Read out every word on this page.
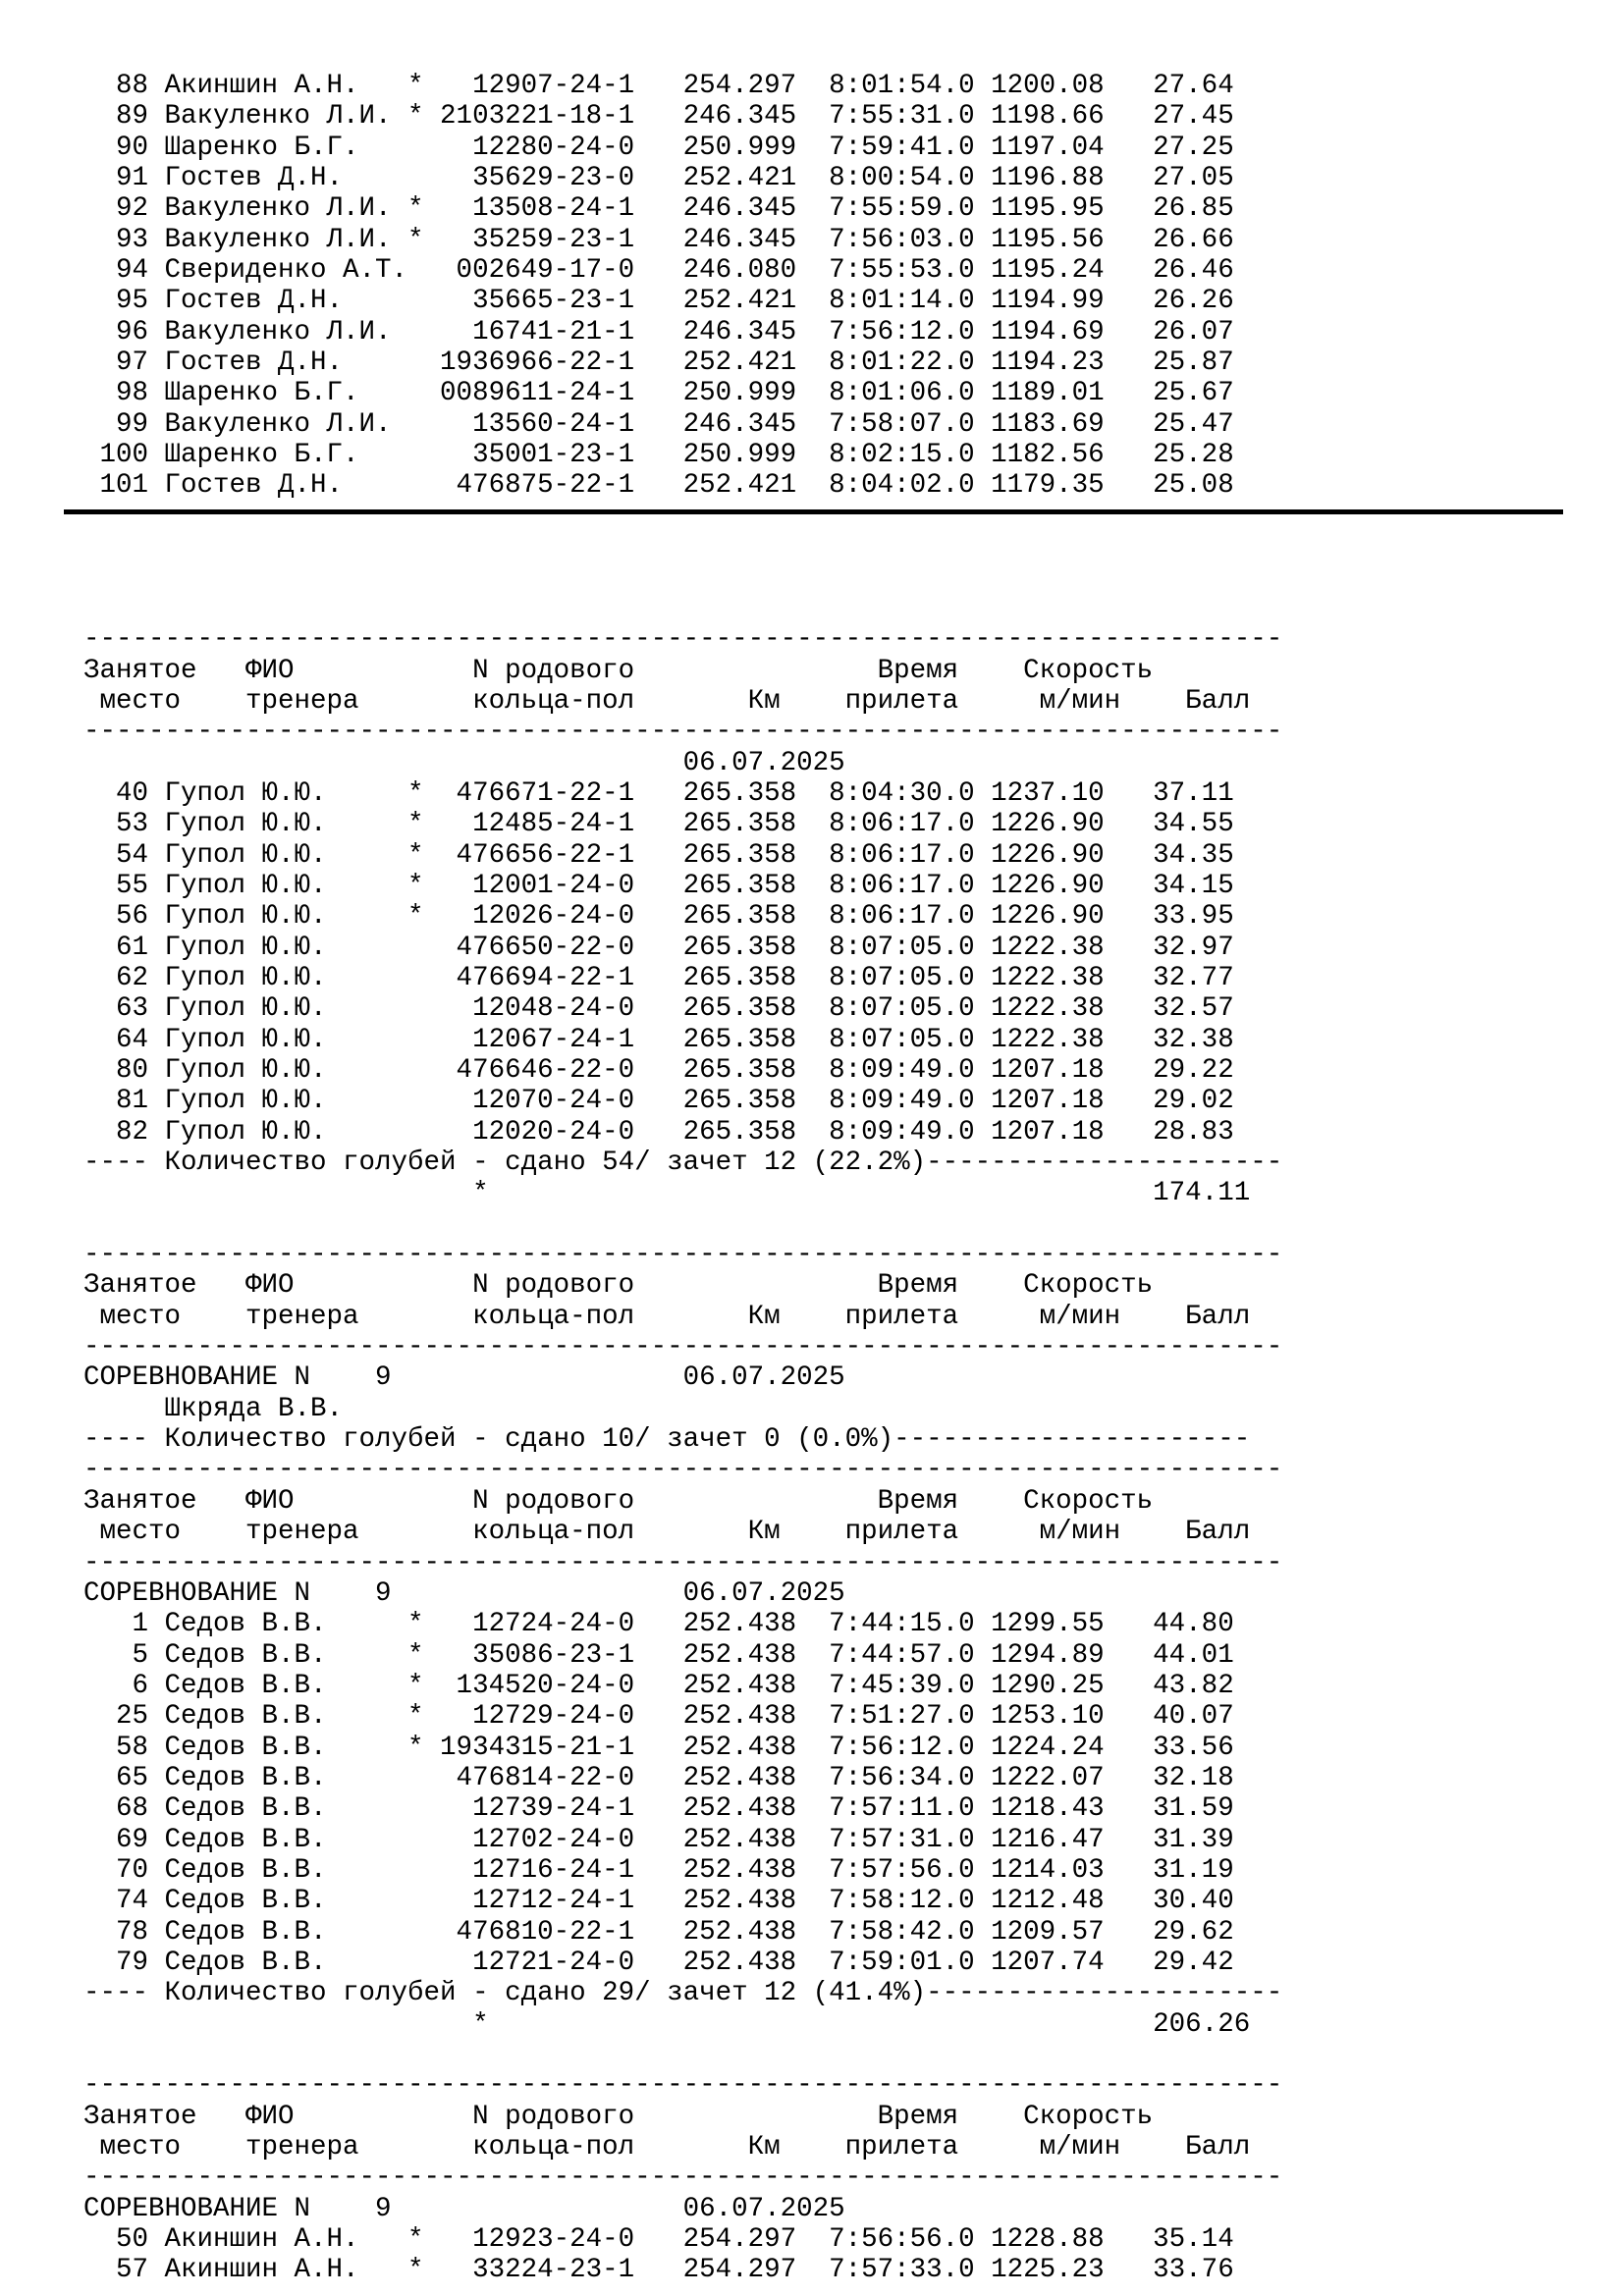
88 Акиншин А.Н.   *   12907-24-1   254.297  8:01:54.0 1200.08   27.64
89 Вакуленко Л.И. * 2103221-18-1   246.345  7:55:31.0 1198.66   27.45
90 Шаренко Б.Г.       12280-24-0   250.999  7:59:41.0 1197.04   27.25
91 Гостев Д.Н.        35629-23-0   252.421  8:00:54.0 1196.88   27.05
92 Вакуленко Л.И. *   13508-24-1   246.345  7:55:59.0 1195.95   26.85
93 Вакуленко Л.И. *   35259-23-1   246.345  7:56:03.0 1195.56   26.66
94 Свериденко А.Т.   002649-17-0   246.080  7:55:53.0 1195.24   26.46
95 Гостев Д.Н.        35665-23-1   252.421  8:01:14.0 1194.99   26.26
96 Вакуленко Л.И.     16741-21-1   246.345  7:56:12.0 1194.69   26.07
97 Гостев Д.Н.      1936966-22-1   252.421  8:01:22.0 1194.23   25.87
98 Шаренко Б.Г.     0089611-24-1   250.999  8:01:06.0 1189.01   25.67
99 Вакуленко Л.И.     13560-24-1   246.345  7:58:07.0 1183.69   25.47
100 Шаренко Б.Г.       35001-23-1   250.999  8:02:15.0 1182.56   25.28
101 Гостев Д.Н.       476875-22-1   252.421  8:04:02.0 1179.35   25.08
--------------------------------------------------------------------------
Занятое   ФИО           N родового               Время    Скорость
место    тренера       кольца-пол       Км    прилета     м/мин    Балл
--------------------------------------------------------------------------
06.07.2025
40 Гупол Ю.Ю.     *  476671-22-1   265.358  8:04:30.0 1237.10   37.11
53 Гупол Ю.Ю.     *   12485-24-1   265.358  8:06:17.0 1226.90   34.55
54 Гупол Ю.Ю.     *  476656-22-1   265.358  8:06:17.0 1226.90   34.35
55 Гупол Ю.Ю.     *   12001-24-0   265.358  8:06:17.0 1226.90   34.15
56 Гупол Ю.Ю.     *   12026-24-0   265.358  8:06:17.0 1226.90   33.95
61 Гупол Ю.Ю.        476650-22-0   265.358  8:07:05.0 1222.38   32.97
62 Гупол Ю.Ю.        476694-22-1   265.358  8:07:05.0 1222.38   32.77
63 Гупол Ю.Ю.         12048-24-0   265.358  8:07:05.0 1222.38   32.57
64 Гупол Ю.Ю.         12067-24-1   265.358  8:07:05.0 1222.38   32.38
80 Гупол Ю.Ю.        476646-22-0   265.358  8:09:49.0 1207.18   29.22
81 Гупол Ю.Ю.         12070-24-0   265.358  8:09:49.0 1207.18   29.02
82 Гупол Ю.Ю.         12020-24-0   265.358  8:09:49.0 1207.18   28.83
---- Количество голубей - сдано 54/ зачет 12 (22.2%)----------------------
*                                         174.11
--------------------------------------------------------------------------
Занятое   ФИО           N родового               Время    Скорость
место    тренера       кольца-пол       Км    прилета     м/мин    Балл
--------------------------------------------------------------------------
СОРЕВНОВАНИЕ N    9                  06.07.2025
Шкряда В.В.
---- Количество голубей - сдано 10/ зачет 0 (0.0%)----------------------
--------------------------------------------------------------------------
Занятое   ФИО           N родового               Время    Скорость
место    тренера       кольца-пол       Км    прилета     м/мин    Балл
--------------------------------------------------------------------------
СОРЕВНОВАНИЕ N    9                  06.07.2025
1 Седов В.В.     *   12724-24-0   252.438  7:44:15.0 1299.55   44.80
5 Седов В.В.     *   35086-23-1   252.438  7:44:57.0 1294.89   44.01
6 Седов В.В.     *  134520-24-0   252.438  7:45:39.0 1290.25   43.82
25 Седов В.В.     *   12729-24-0   252.438  7:51:27.0 1253.10   40.07
58 Седов В.В.     * 1934315-21-1   252.438  7:56:12.0 1224.24   33.56
65 Седов В.В.        476814-22-0   252.438  7:56:34.0 1222.07   32.18
68 Седов В.В.         12739-24-1   252.438  7:57:11.0 1218.43   31.59
69 Седов В.В.         12702-24-0   252.438  7:57:31.0 1216.47   31.39
70 Седов В.В.         12716-24-1   252.438  7:57:56.0 1214.03   31.19
74 Седов В.В.         12712-24-1   252.438  7:58:12.0 1212.48   30.40
78 Седов В.В.        476810-22-1   252.438  7:58:42.0 1209.57   29.62
79 Седов В.В.         12721-24-0   252.438  7:59:01.0 1207.74   29.42
---- Количество голубей - сдано 29/ зачет 12 (41.4%)----------------------
*                                         206.26
--------------------------------------------------------------------------
Занятое   ФИО           N родового               Время    Скорость
место    тренера       кольца-пол       Км    прилета     м/мин    Балл
--------------------------------------------------------------------------
СОРЕВНОВАНИЕ N    9                  06.07.2025
50 Акиншин А.Н.   *   12923-24-0   254.297  7:56:56.0 1228.88   35.14
57 Акиншин А.Н.   *   33224-23-1   254.297  7:57:33.0 1225.23   33.76
